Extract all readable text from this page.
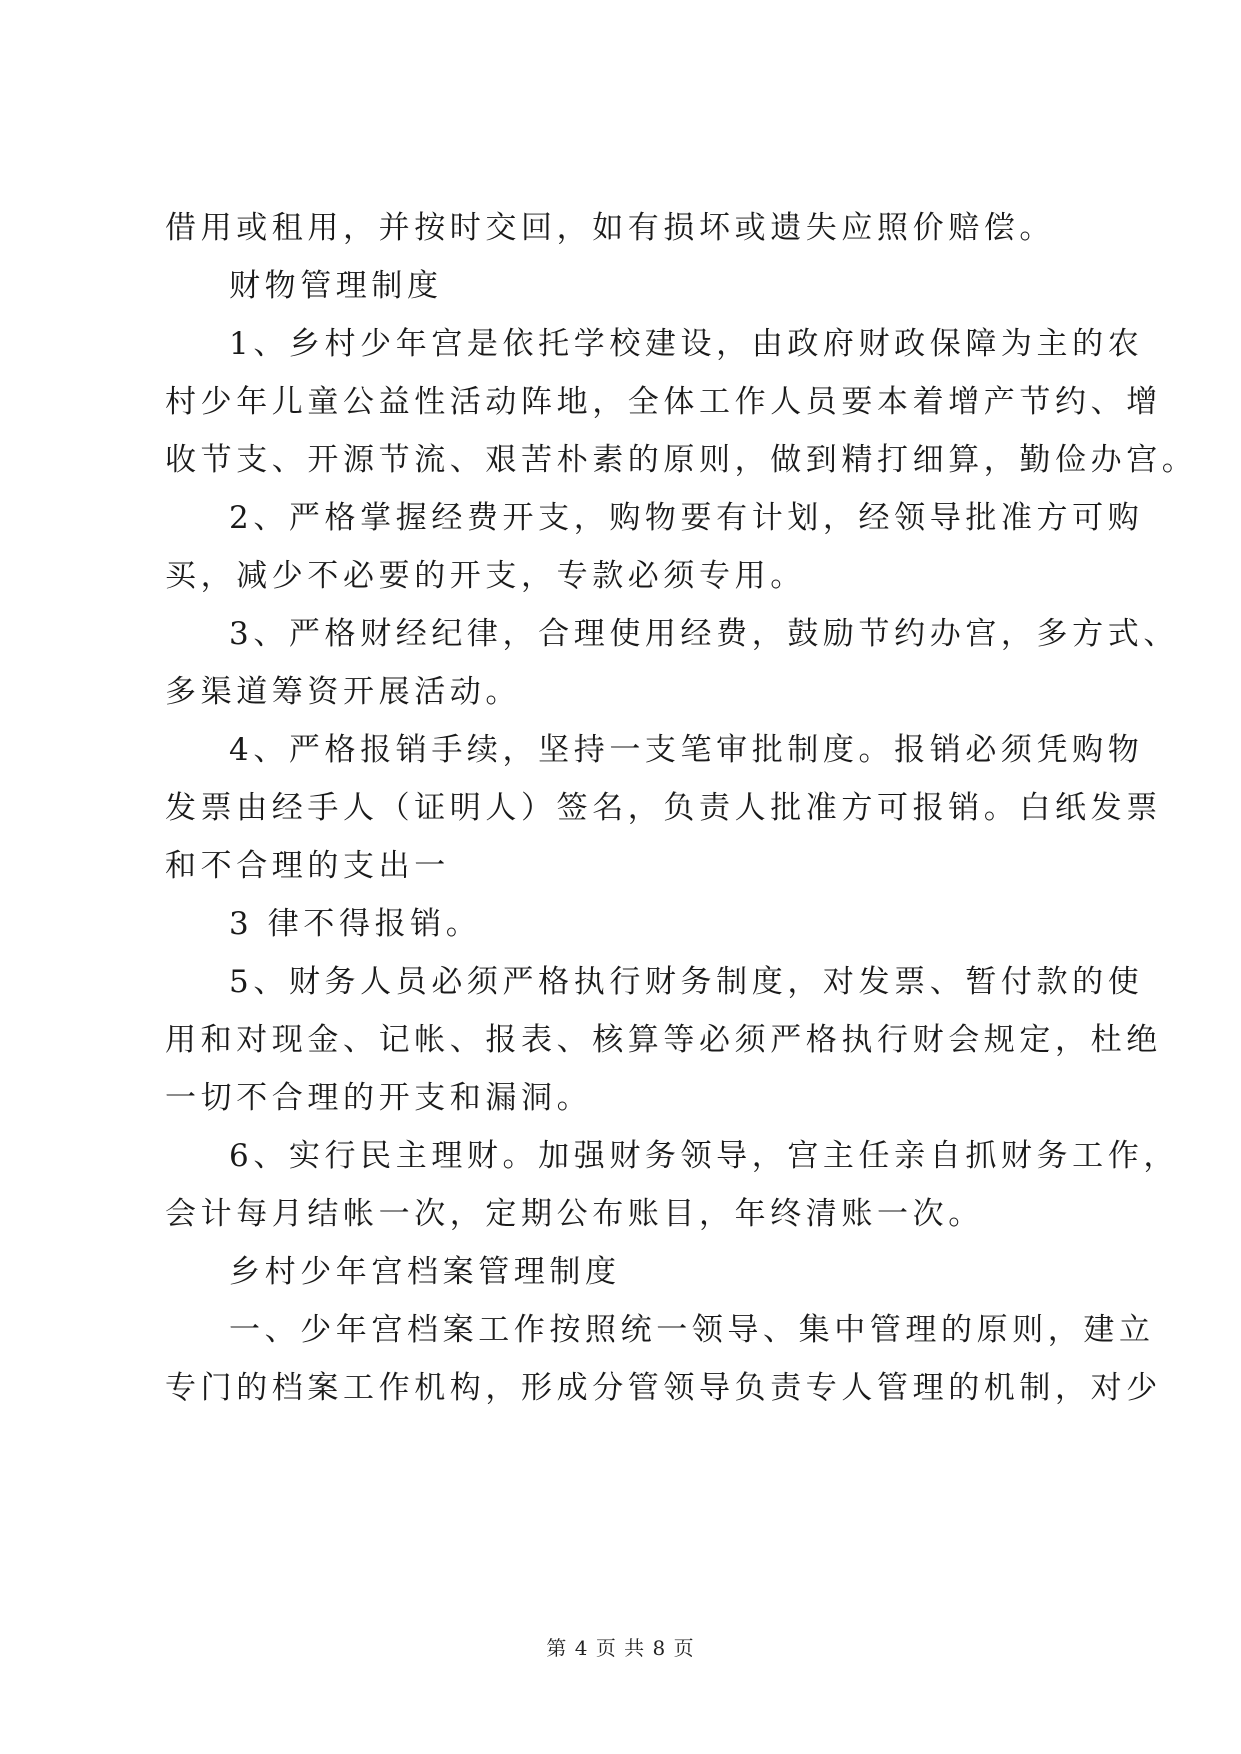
借用或租用，并按时交回，如有损坏或遗失应照价赔偿。
财物管理制度
1、乡村少年宫是依托学校建设，由政府财政保障为主的农
村少年儿童公益性活动阵地，全体工作人员要本着增产节约、增
收节支、开源节流、艰苦朴素的原则，做到精打细算，勤俭办宫。
2、严格掌握经费开支，购物要有计划，经领导批准方可购
买，减少不必要的开支，专款必须专用。
3、严格财经纪律，合理使用经费，鼓励节约办宫，多方式、
多渠道筹资开展活动。
4、严格报销手续，坚持一支笔审批制度。报销必须凭购物
发票由经手人（证明人）签名，负责人批准方可报销。白纸发票
和不合理的支出一
3 律不得报销。
5、财务人员必须严格执行财务制度，对发票、暂付款的使
用和对现金、记帐、报表、核算等必须严格执行财会规定，杜绝
一切不合理的开支和漏洞。
6、实行民主理财。加强财务领导，宫主任亲自抓财务工作，
会计每月结帐一次，定期公布账目，年终清账一次。
乡村少年宫档案管理制度
一、少年宫档案工作按照统一领导、集中管理的原则，建立
专门的档案工作机构，形成分管领导负责专人管理的机制，对少
第 4 页 共 8 页
